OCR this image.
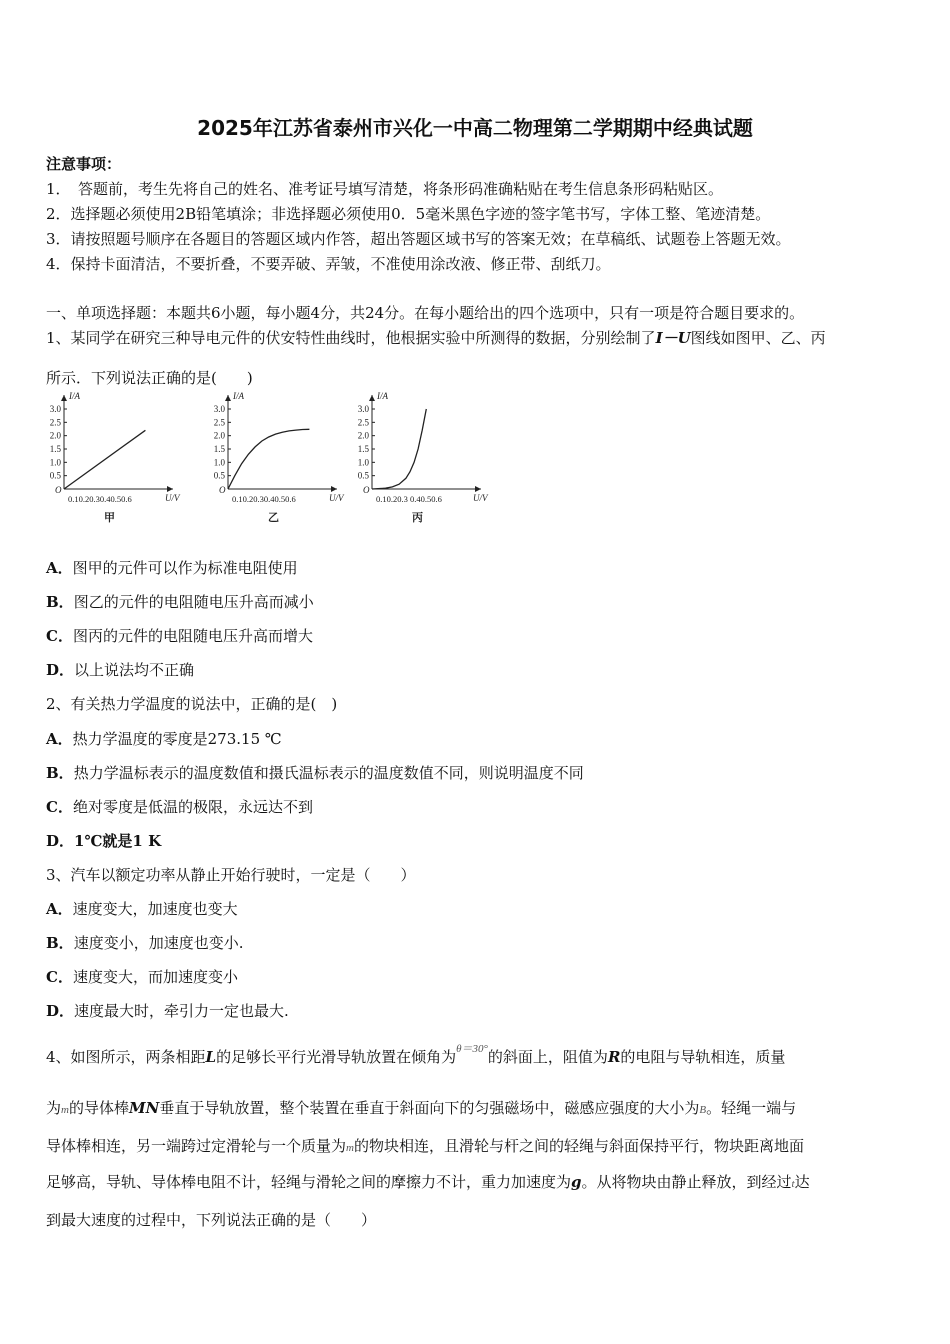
2025年江苏省泰州市兴化一中高二物理第二学期期中经典试题
注意事项：
1．　答题前，考生先将自己的姓名、准考证号填写清楚，将条形码准确粘贴在考生信息条形码粘贴区。
2．选择题必须使用2B铅笔填涂；非选择题必须使用0．5毫米黑色字迹的签字笔书写，字体工整、笔迹清楚。
3．请按照题号顺序在各题目的答题区域内作答，超出答题区域书写的答案无效；在草稿纸、试题卷上答题无效。
4．保持卡面清洁，不要折叠，不要弄破、弄皱，不准使用涂改液、修正带、刮纸刀。
一、单项选择题：本题共6小题，每小题4分，共24分。在每小题给出的四个选项中，只有一项是符合题目要求的。
1、某同学在研究三种导电元件的伏安特性曲线时，他根据实验中所测得的数据，分别绘制了I－U图线如图甲、乙、丙
所示．下列说法正确的是(　　)
3.0
2.5
2.0
1.5
1.0
0.5
I/A
U/V
O
0.10.20.30.40.50.6
甲
3.0
2.5
2.0
1.5
1.0
0.5
I/A
U/V
O
0.10.20.30.40.50.6
乙
3.0
2.5
2.0
1.5
1.0
0.5
I/A
U/V
O
0.10.20.3 0.40.50.6
丙
A．图甲的元件可以作为标准电阻使用
B．图乙的元件的电阻随电压升高而减小
C．图丙的元件的电阻随电压升高而增大
D．以上说法均不正确
2、有关热力学温度的说法中，正确的是(　)
A．热力学温度的零度是273.15 ℃
B．热力学温标表示的温度数值和摄氏温标表示的温度数值不同，则说明温度不同
C．绝对零度是低温的极限，永远达不到
D．1℃就是1 K
3、汽车以额定功率从静止开始行驶时，一定是（　　）
A．速度变大，加速度也变大
B．速度变小，加速度也变小.
C．速度变大，而加速度变小
D．速度最大时，牵引力一定也最大.
4、如图所示，两条相距L的足够长平行光滑导轨放置在倾角为$^{\theta=30^\circ}$的斜面上，阻值为R的电阻与导轨相连，质量
为m的导体棒MN垂直于导轨放置，整个装置在垂直于斜面向下的匀强磁场中，磁感应强度的大小为B。轻绳一端与
导体棒相连，另一端跨过定滑轮与一个质量为m的物块相连，且滑轮与杆之间的轻绳与斜面保持平行，物块距离地面
足够高，导轨、导体棒电阻不计，轻绳与滑轮之间的摩擦力不计，重力加速度为g。从将物块由静止释放，到经过t达
到最大速度的过程中，下列说法正确的是（　　）
